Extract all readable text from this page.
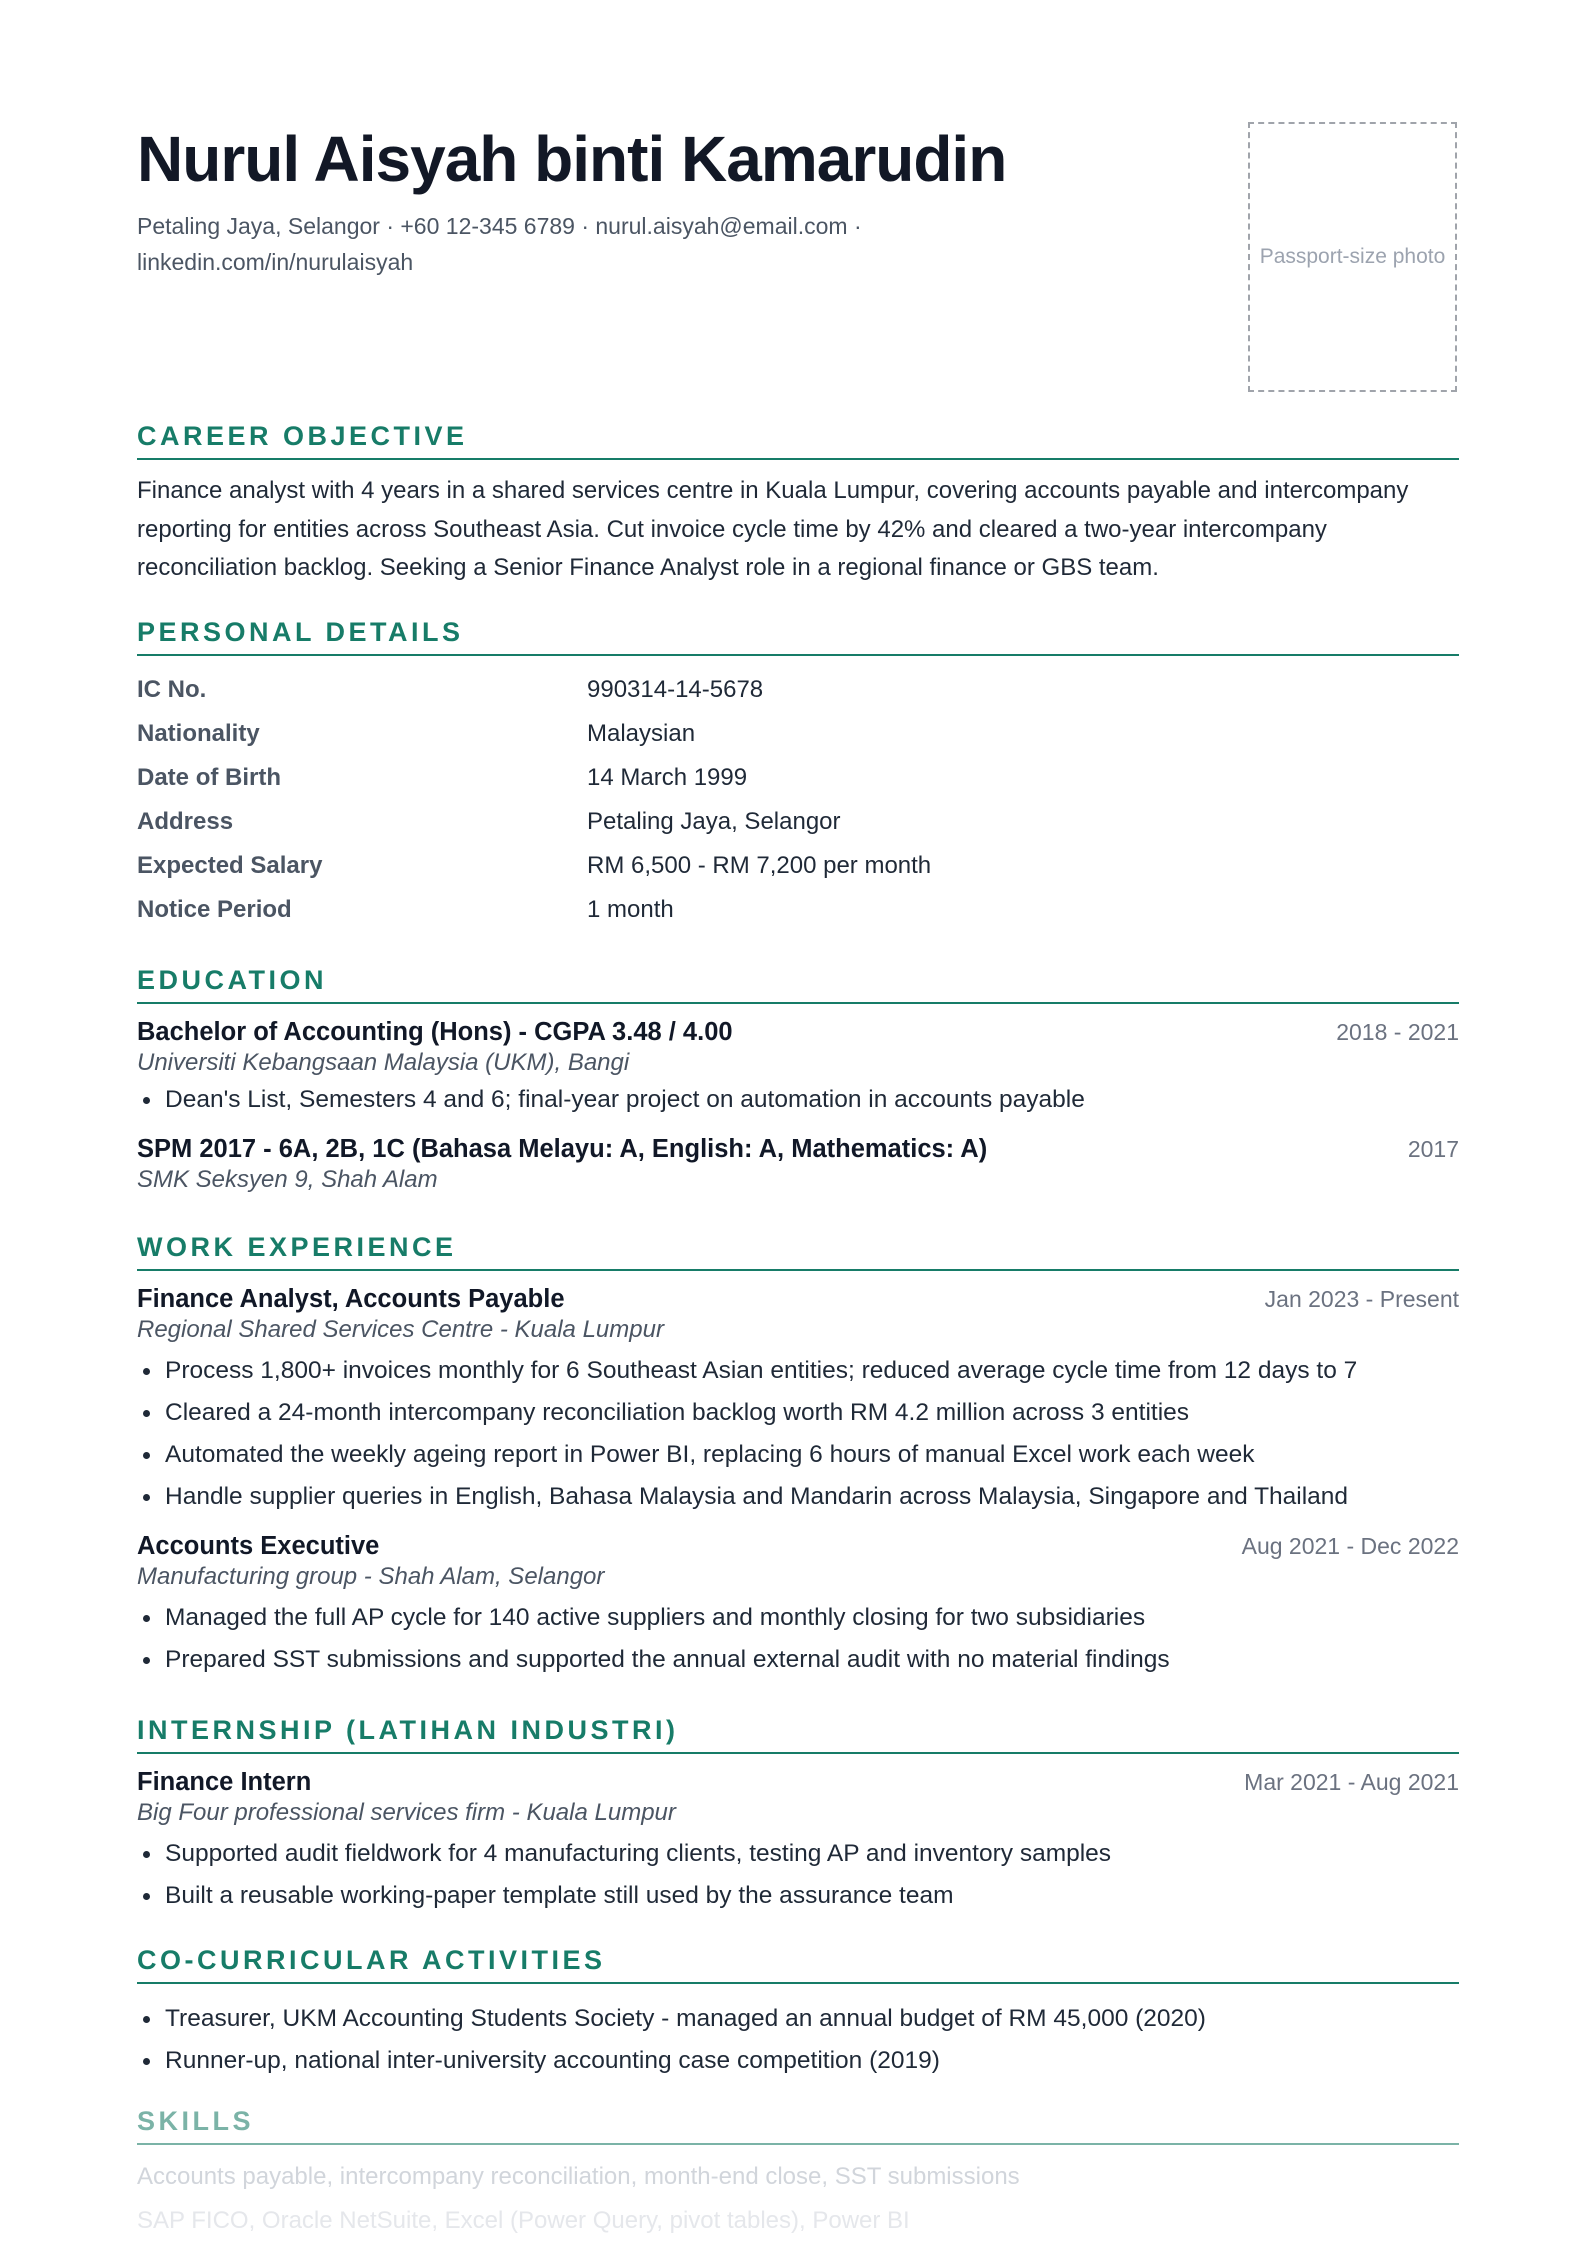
Nurul Aisyah binti Kamarudin
Petaling Jaya, Selangor · +60 12-345 6789 · nurul.aisyah@email.com ·
linkedin.com/in/nurulaisyah	Passport-size photo
CAREER OBJECTIVE
Finance analyst with 4 years in a shared services centre in Kuala Lumpur, covering accounts payable and intercompany reporting for entities across Southeast Asia. Cut invoice cycle time by 42% and cleared a two-year intercompany reconciliation backlog. Seeking a Senior Finance Analyst role in a regional finance or GBS team.
PERSONAL DETAILS
IC No.	990314-14-5678
Nationality	Malaysian
Date of Birth	14 March 1999
Address	Petaling Jaya, Selangor
Expected Salary	RM 6,500 - RM 7,200 per month
Notice Period	1 month
EDUCATION
Bachelor of Accounting (Hons) - CGPA 3.48 / 4.00	2018 - 2021
Universiti Kebangsaan Malaysia (UKM), Bangi
Dean's List, Semesters 4 and 6; final-year project on automation in accounts payable
SPM 2017 - 6A, 2B, 1C (Bahasa Melayu: A, English: A, Mathematics: A)	2017
SMK Seksyen 9, Shah Alam
WORK EXPERIENCE
Finance Analyst, Accounts Payable	Jan 2023 - Present
Regional Shared Services Centre - Kuala Lumpur
Process 1,800+ invoices monthly for 6 Southeast Asian entities; reduced average cycle time from 12 days to 7
Cleared a 24-month intercompany reconciliation backlog worth RM 4.2 million across 3 entities
Automated the weekly ageing report in Power BI, replacing 6 hours of manual Excel work each week
Handle supplier queries in English, Bahasa Malaysia and Mandarin across Malaysia, Singapore and Thailand
Accounts Executive	Aug 2021 - Dec 2022
Manufacturing group - Shah Alam, Selangor
Managed the full AP cycle for 140 active suppliers and monthly closing for two subsidiaries
Prepared SST submissions and supported the annual external audit with no material findings
INTERNSHIP (LATIHAN INDUSTRI)
Finance Intern	Mar 2021 - Aug 2021
Big Four professional services firm - Kuala Lumpur
Supported audit fieldwork for 4 manufacturing clients, testing AP and inventory samples
Built a reusable working-paper template still used by the assurance team
CO-CURRICULAR ACTIVITIES
Treasurer, UKM Accounting Students Society - managed an annual budget of RM 45,000 (2020)
Runner-up, national inter-university accounting case competition (2019)
SKILLS
Accounts payable, intercompany reconciliation, month-end close, SST submissions
SAP FICO, Oracle NetSuite, Excel (Power Query, pivot tables), Power BI
